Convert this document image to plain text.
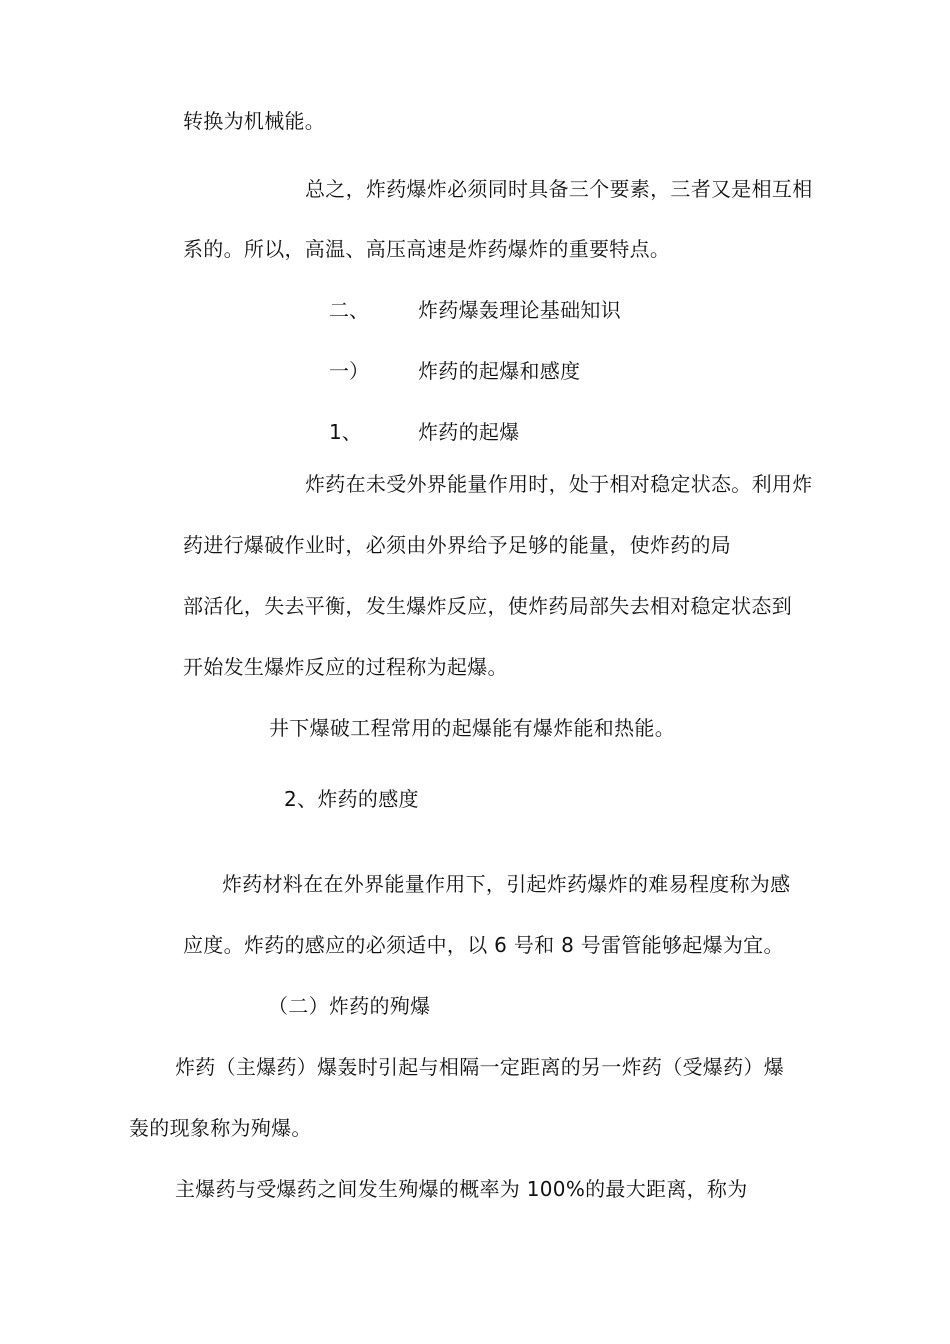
转换为机械能。
总之，炸药爆炸必须同时具备三个要素，三者又是相互相
系的。所以，高温、高压高速是炸药爆炸的重要特点。
二、 炸药爆轰理论基础知识
一） 炸药的起爆和感度
1、	炸药的起爆
炸药在未受外界能量作用时，处于相对稳定状态。利用炸
药进行爆破作业时，必须由外界给予足够的能量，使炸药的局
部活化，失去平衡，发生爆炸反应，使炸药局部失去相对稳定状态到
开始发生爆炸反应的过程称为起爆。
井下爆破工程常用的起爆能有爆炸能和热能。
2、炸药的感度
炸药材料在在外界能量作用下，引起炸药爆炸的难易程度称为感
应度。炸药的感应的必须适中，以 6 号和 8 号雷管能够起爆为宜。
（二）炸药的殉爆
炸药（主爆药）爆轰时引起与相隔一定距离的另一炸药（受爆药）爆
轰的现象称为殉爆。
主爆药与受爆药之间发生殉爆的概率为 100%的最大距离，称为
